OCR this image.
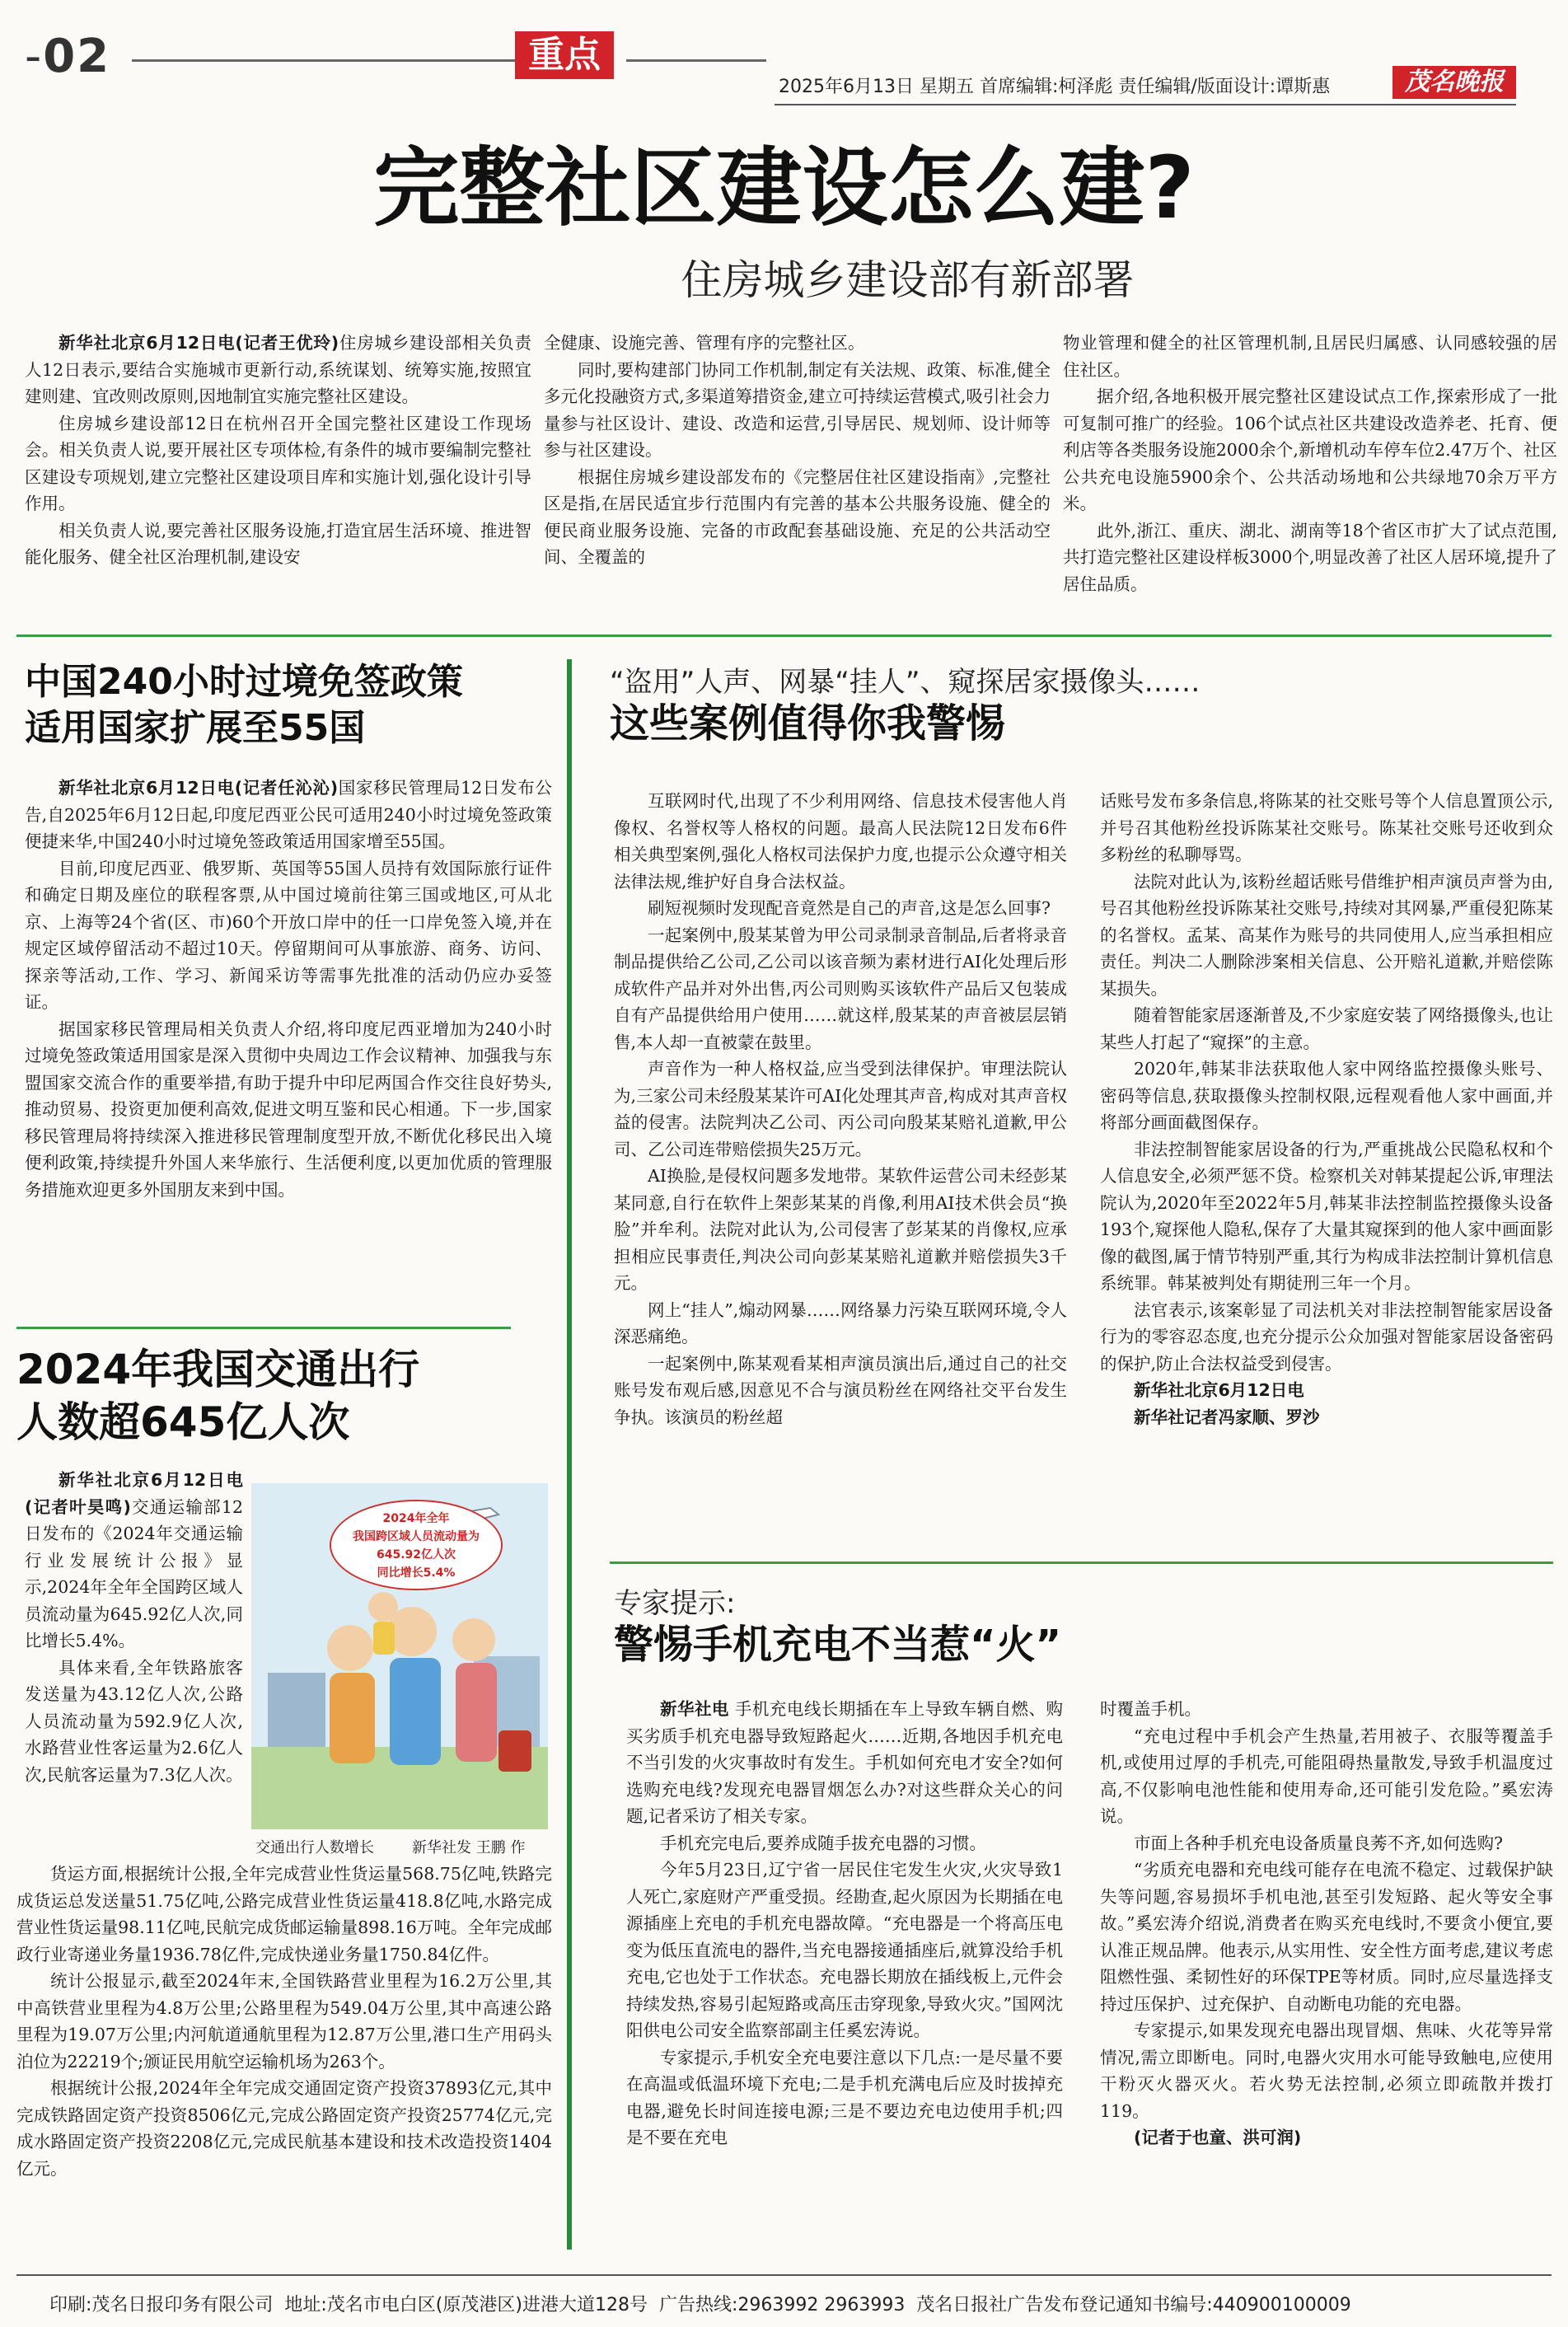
-02	重点
2025年6月13日 星期五 首席编辑:柯泽彪 责任编辑/版面设计:谭斯惠	茂名晚报
完整社区建设怎么建?
住房城乡建设部有新部署

新华社北京6月12日电(记者王优玲)住房城乡建设部相关负责人12日表示,要结合实施城市更新行动,系统谋划、统筹实施,按照宜建则建、宜改则改原则,因地制宜实施完整社区建设。

住房城乡建设部12日在杭州召开全国完整社区建设工作现场会。相关负责人说,要开展社区专项体检,有条件的城市要编制完整社区建设专项规划,建立完整社区建设项目库和实施计划,强化设计引导作用。

相关负责人说,要完善社区服务设施,打造宜居生活环境、推进智能化服务、健全社区治理机制,建设安

全健康、设施完善、管理有序的完整社区。

同时,要构建部门协同工作机制,制定有关法规、政策、标准,健全多元化投融资方式,多渠道筹措资金,建立可持续运营模式,吸引社会力量参与社区设计、建设、改造和运营,引导居民、规划师、设计师等参与社区建设。

根据住房城乡建设部发布的《完整居住社区建设指南》,完整社区是指,在居民适宜步行范围内有完善的基本公共服务设施、健全的便民商业服务设施、完备的市政配套基础设施、充足的公共活动空间、全覆盖的

物业管理和健全的社区管理机制,且居民归属感、认同感较强的居住社区。

据介绍,各地积极开展完整社区建设试点工作,探索形成了一批可复制可推广的经验。106个试点社区共建设改造养老、托育、便利店等各类服务设施2000余个,新增机动车停车位2.47万个、社区公共充电设施5900余个、公共活动场地和公共绿地70余万平方米。

此外,浙江、重庆、湖北、湖南等18个省区市扩大了试点范围,共打造完整社区建设样板3000个,明显改善了社区人居环境,提升了居住品质。

中国240小时过境免签政策
适用国家扩展至55国

新华社北京6月12日电(记者任沁沁)国家移民管理局12日发布公告,自2025年6月12日起,印度尼西亚公民可适用240小时过境免签政策便捷来华,中国240小时过境免签政策适用国家增至55国。

目前,印度尼西亚、俄罗斯、英国等55国人员持有效国际旅行证件和确定日期及座位的联程客票,从中国过境前往第三国或地区,可从北京、上海等24个省(区、市)60个开放口岸中的任一口岸免签入境,并在规定区域停留活动不超过10天。停留期间可从事旅游、商务、访问、探亲等活动,工作、学习、新闻采访等需事先批准的活动仍应办妥签证。

据国家移民管理局相关负责人介绍,将印度尼西亚增加为240小时过境免签政策适用国家是深入贯彻中央周边工作会议精神、加强我与东盟国家交流合作的重要举措,有助于提升中印尼两国合作交往良好势头,推动贸易、投资更加便利高效,促进文明互鉴和民心相通。下一步,国家移民管理局将持续深入推进移民管理制度型开放,不断优化移民出入境便利政策,持续提升外国人来华旅行、生活便利度,以更加优质的管理服务措施欢迎更多外国朋友来到中国。

2024年我国交通出行
人数超645亿人次

新华社北京6月12日电(记者叶昊鸣)交通运输部12日发布的《2024年交通运输行业发展统计公报》显示,2024年全年全国跨区域人员流动量为645.92亿人次,同比增长5.4%。

具体来看,全年铁路旅客发送量为43.12亿人次,公路人员流动量为592.9亿人次,水路营业性客运量为2.6亿人次,民航客运量为7.3亿人次。

2024年全年
我国跨区域人员流动量为
645.92亿人次
同比增长5.4%
交通出行人数增长	新华社发 王鹏 作

货运方面,根据统计公报,全年完成营业性货运量568.75亿吨,铁路完成货运总发送量51.75亿吨,公路完成营业性货运量418.8亿吨,水路完成营业性货运量98.11亿吨,民航完成货邮运输量898.16万吨。全年完成邮政行业寄递业务量1936.78亿件,完成快递业务量1750.84亿件。

统计公报显示,截至2024年末,全国铁路营业里程为16.2万公里,其中高铁营业里程为4.8万公里;公路里程为549.04万公里,其中高速公路里程为19.07万公里;内河航道通航里程为12.87万公里,港口生产用码头泊位为22219个;颁证民用航空运输机场为263个。

根据统计公报,2024年全年完成交通固定资产投资37893亿元,其中完成铁路固定资产投资8506亿元,完成公路固定资产投资25774亿元,完成水路固定资产投资2208亿元,完成民航基本建设和技术改造投资1404亿元。

“盗用”人声、网暴“挂人”、窥探居家摄像头……
这些案例值得你我警惕

互联网时代,出现了不少利用网络、信息技术侵害他人肖像权、名誉权等人格权的问题。最高人民法院12日发布6件相关典型案例,强化人格权司法保护力度,也提示公众遵守相关法律法规,维护好自身合法权益。

刷短视频时发现配音竟然是自己的声音,这是怎么回事?

一起案例中,殷某某曾为甲公司录制录音制品,后者将录音制品提供给乙公司,乙公司以该音频为素材进行AI化处理后形成软件产品并对外出售,丙公司则购买该软件产品后又包装成自有产品提供给用户使用……就这样,殷某某的声音被层层销售,本人却一直被蒙在鼓里。

声音作为一种人格权益,应当受到法律保护。审理法院认为,三家公司未经殷某某许可AI化处理其声音,构成对其声音权益的侵害。法院判决乙公司、丙公司向殷某某赔礼道歉,甲公司、乙公司连带赔偿损失25万元。

AI换脸,是侵权问题多发地带。某软件运营公司未经彭某某同意,自行在软件上架彭某某的肖像,利用AI技术供会员“换脸”并牟利。法院对此认为,公司侵害了彭某某的肖像权,应承担相应民事责任,判决公司向彭某某赔礼道歉并赔偿损失3千元。

网上“挂人”,煽动网暴……网络暴力污染互联网环境,令人深恶痛绝。

一起案例中,陈某观看某相声演员演出后,通过自己的社交账号发布观后感,因意见不合与演员粉丝在网络社交平台发生争执。该演员的粉丝超

话账号发布多条信息,将陈某的社交账号等个人信息置顶公示,并号召其他粉丝投诉陈某社交账号。陈某社交账号还收到众多粉丝的私聊辱骂。

法院对此认为,该粉丝超话账号借维护相声演员声誉为由,号召其他粉丝投诉陈某社交账号,持续对其网暴,严重侵犯陈某的名誉权。孟某、高某作为账号的共同使用人,应当承担相应责任。判决二人删除涉案相关信息、公开赔礼道歉,并赔偿陈某损失。

随着智能家居逐渐普及,不少家庭安装了网络摄像头,也让某些人打起了“窥探”的主意。

2020年,韩某非法获取他人家中网络监控摄像头账号、密码等信息,获取摄像头控制权限,远程观看他人家中画面,并将部分画面截图保存。

非法控制智能家居设备的行为,严重挑战公民隐私权和个人信息安全,必须严惩不贷。检察机关对韩某提起公诉,审理法院认为,2020年至2022年5月,韩某非法控制监控摄像头设备193个,窥探他人隐私,保存了大量其窥探到的他人家中画面影像的截图,属于情节特别严重,其行为构成非法控制计算机信息系统罪。韩某被判处有期徒刑三年一个月。

法官表示,该案彰显了司法机关对非法控制智能家居设备行为的零容忍态度,也充分提示公众加强对智能家居设备密码的保护,防止合法权益受到侵害。

新华社北京6月12日电

新华社记者冯家顺、罗沙

专家提示:
警惕手机充电不当惹“火”

新华社电 手机充电线长期插在车上导致车辆自燃、购买劣质手机充电器导致短路起火……近期,各地因手机充电不当引发的火灾事故时有发生。手机如何充电才安全?如何选购充电线?发现充电器冒烟怎么办?对这些群众关心的问题,记者采访了相关专家。

手机充完电后,要养成随手拔充电器的习惯。

今年5月23日,辽宁省一居民住宅发生火灾,火灾导致1人死亡,家庭财产严重受损。经勘查,起火原因为长期插在电源插座上充电的手机充电器故障。“充电器是一个将高压电变为低压直流电的器件,当充电器接通插座后,就算没给手机充电,它也处于工作状态。充电器长期放在插线板上,元件会持续发热,容易引起短路或高压击穿现象,导致火灾。”国网沈阳供电公司安全监察部副主任奚宏涛说。

专家提示,手机安全充电要注意以下几点:一是尽量不要在高温或低温环境下充电;二是手机充满电后应及时拔掉充电器,避免长时间连接电源;三是不要边充电边使用手机;四是不要在充电

时覆盖手机。

“充电过程中手机会产生热量,若用被子、衣服等覆盖手机,或使用过厚的手机壳,可能阻碍热量散发,导致手机温度过高,不仅影响电池性能和使用寿命,还可能引发危险。”奚宏涛说。

市面上各种手机充电设备质量良莠不齐,如何选购?

“劣质充电器和充电线可能存在电流不稳定、过载保护缺失等问题,容易损坏手机电池,甚至引发短路、起火等安全事故。”奚宏涛介绍说,消费者在购买充电线时,不要贪小便宜,要认准正规品牌。他表示,从实用性、安全性方面考虑,建议考虑阻燃性强、柔韧性好的环保TPE等材质。同时,应尽量选择支持过压保护、过充保护、自动断电功能的充电器。

专家提示,如果发现充电器出现冒烟、焦味、火花等异常情况,需立即断电。同时,电器火灾用水可能导致触电,应使用干粉灭火器灭火。若火势无法控制,必须立即疏散并拨打119。

(记者于也童、洪可润)

印刷:茂名日报印务有限公司  地址:茂名市电白区(原茂港区)进港大道128号  广告热线:2963992 2963993  茂名日报社广告发布登记通知书编号:440900100009
